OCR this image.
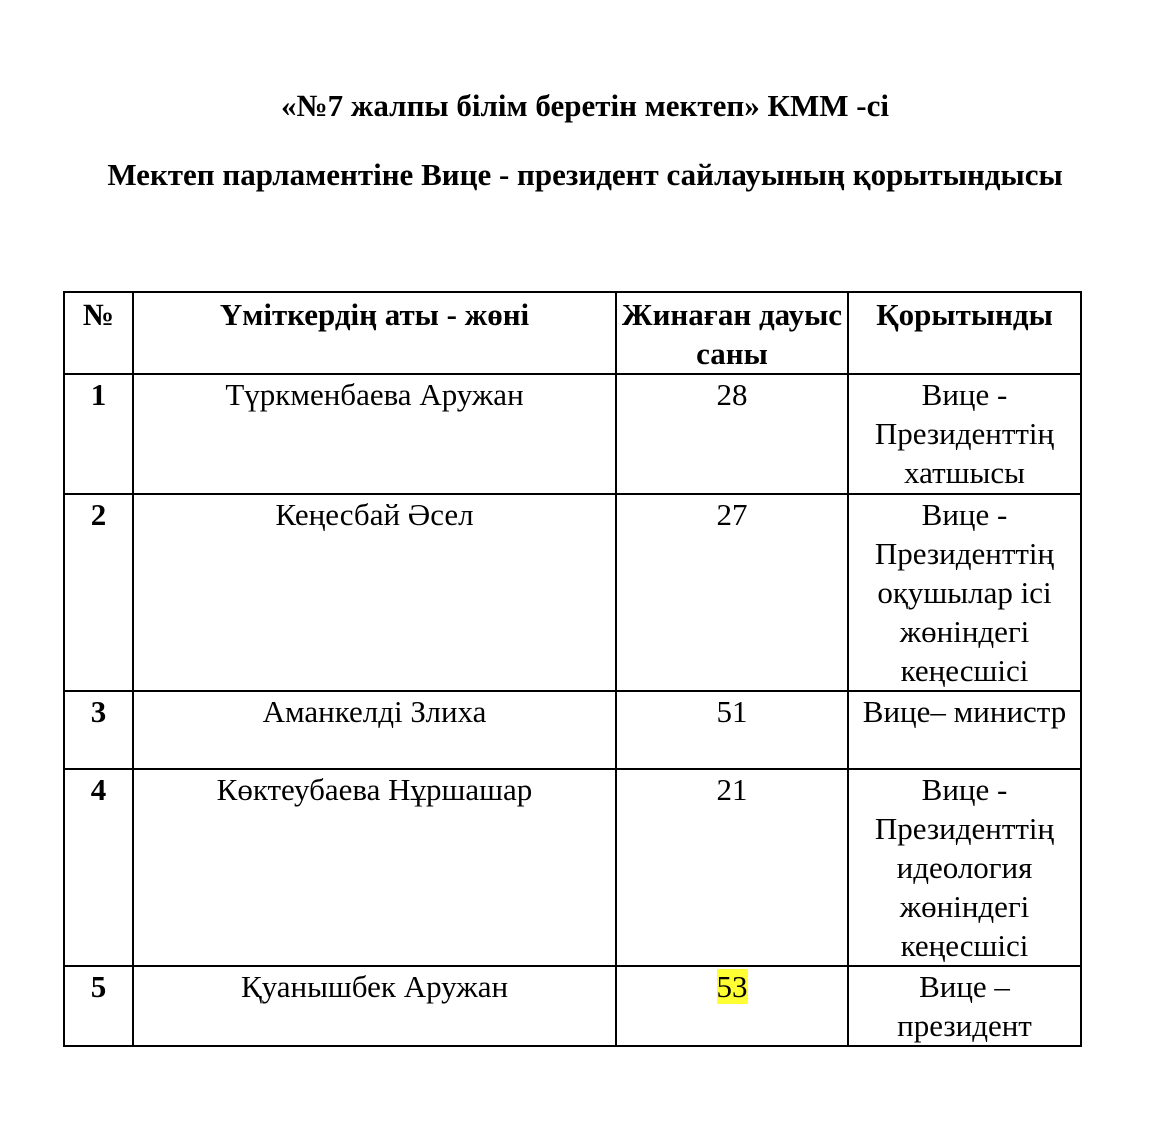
«№7 жалпы білім беретін мектеп» КММ -сі
Мектеп парламентіне Вице - президент сайлауының қорытындысы
№	Үміткердің аты - жөні	Жинаған дауыс саны	Қорытынды
1	Түркменбаева Аружан	28	Вице - Президенттің хатшысы
2	Кеңесбай Әсел	27	Вице - Президенттің оқушылар ісі жөніндегі кеңесшісі
3	Аманкелді Злиха	51	Вице– министр
4	Көктеубаева Нұршашар	21	Вице - Президенттің идеология жөніндегі кеңесшісі
5	Қуанышбек Аружан	53	Вице – президент
